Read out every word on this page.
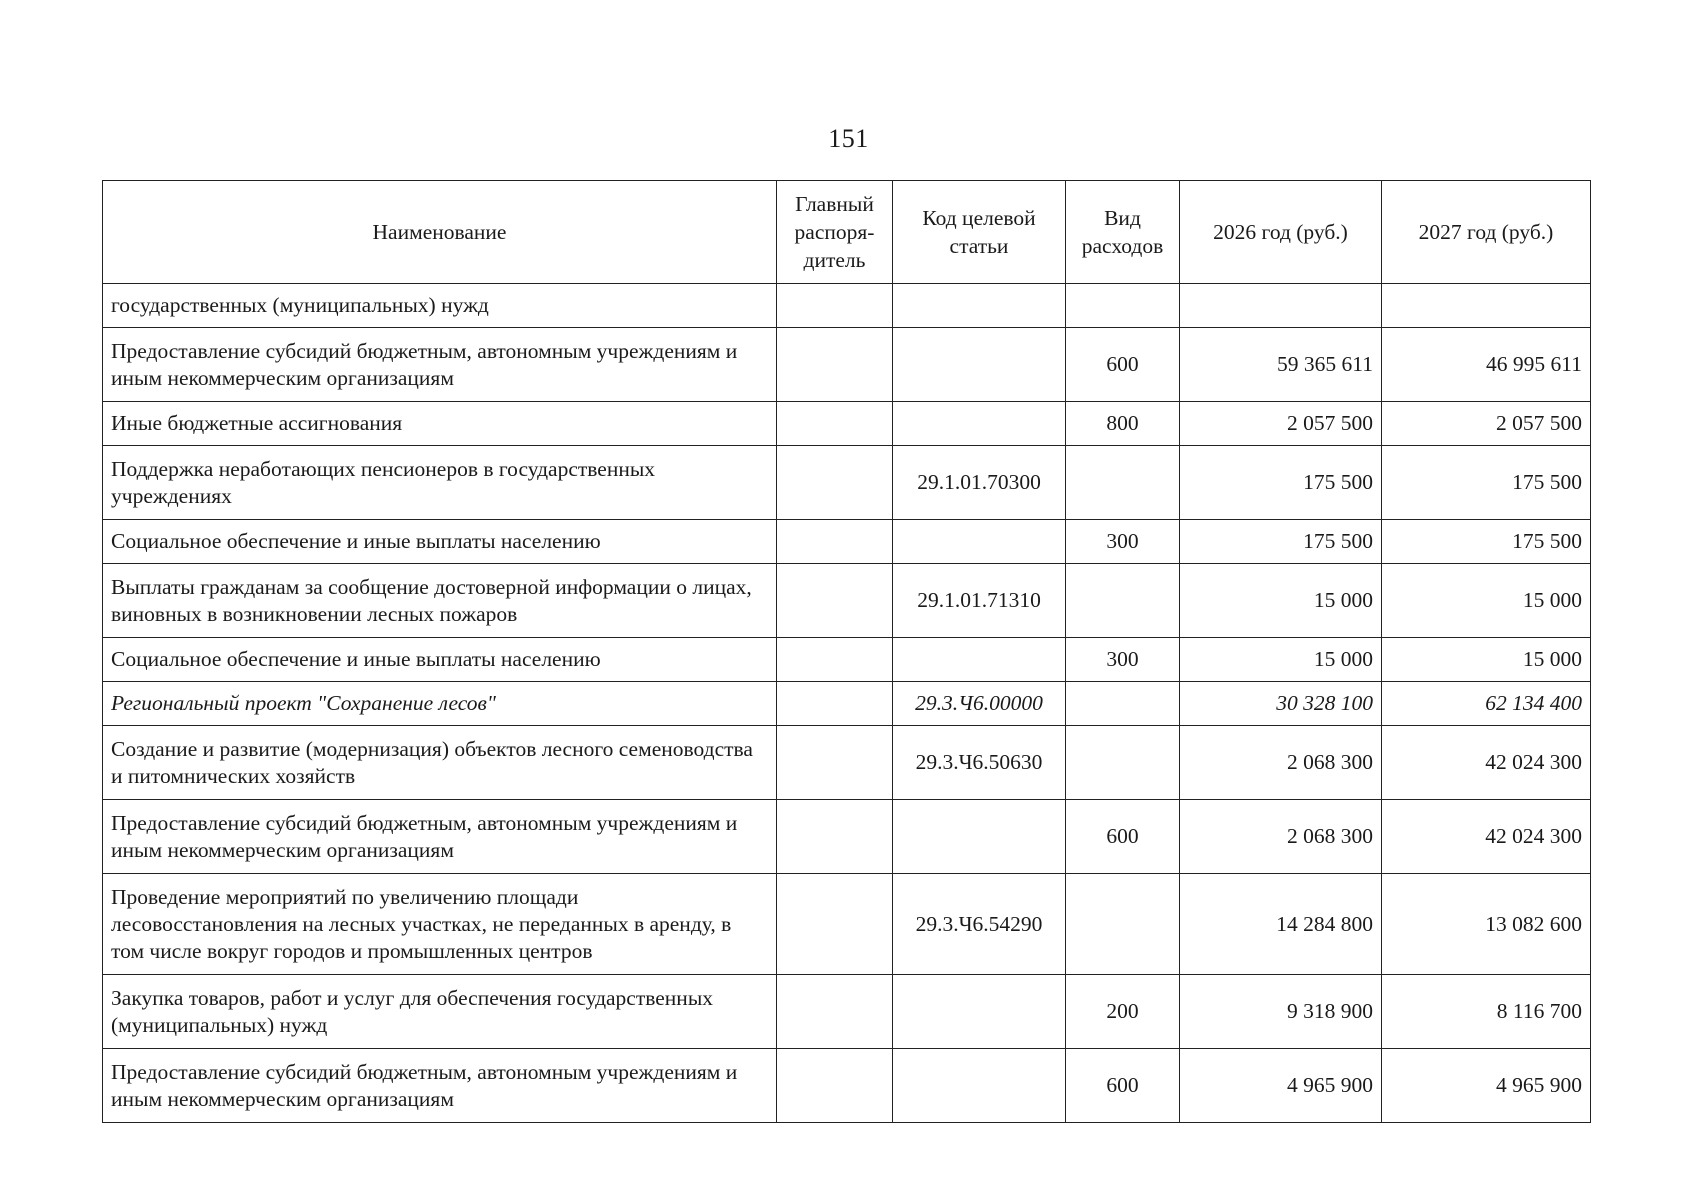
151
Наименование	Главный распоря-дитель	Код целевой статьи	Вид расходов	2026 год (руб.)	2027 год (руб.)
государственных (муниципальных) нужд					
Предоставление субсидий бюджетным, автономным учреждениям и иным некоммерческим организациям			600	59 365 611	46 995 611
Иные бюджетные ассигнования			800	2 057 500	2 057 500
Поддержка неработающих пенсионеров в государственных учреждениях		29.1.01.70300		175 500	175 500
Социальное обеспечение и иные выплаты населению			300	175 500	175 500
Выплаты гражданам за сообщение достоверной информации о лицах, виновных в возникновении лесных пожаров		29.1.01.71310		15 000	15 000
Социальное обеспечение и иные выплаты населению			300	15 000	15 000
Региональный проект "Сохранение лесов"		29.3.Ч6.00000		30 328 100	62 134 400
Создание и развитие (модернизация) объектов лесного семеноводства и питомнических хозяйств		29.3.Ч6.50630		2 068 300	42 024 300
Предоставление субсидий бюджетным, автономным учреждениям и иным некоммерческим организациям			600	2 068 300	42 024 300
Проведение мероприятий по увеличению площади лесовосстановления на лесных участках, не переданных в аренду, в том числе вокруг городов и промышленных центров		29.3.Ч6.54290		14 284 800	13 082 600
Закупка товаров, работ и услуг для обеспечения государственных (муниципальных) нужд			200	9 318 900	8 116 700
Предоставление субсидий бюджетным, автономным учреждениям и иным некоммерческим организациям			600	4 965 900	4 965 900
